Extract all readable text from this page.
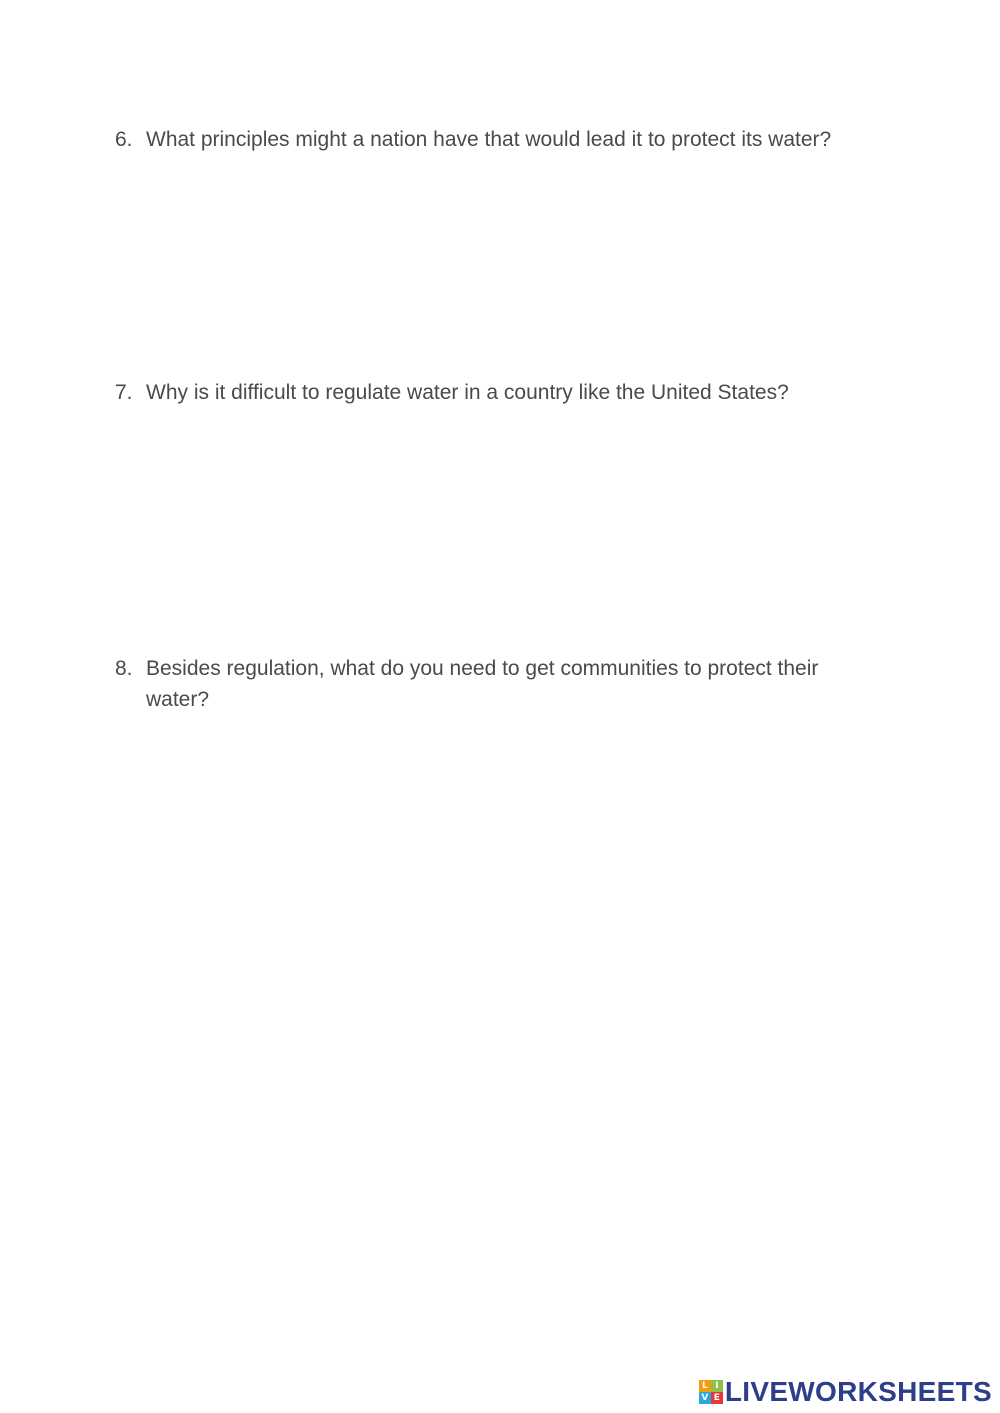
6. What principles might a nation have that would lead it to protect its water?
7. Why is it difficult to regulate water in a country like the United States?
8. Besides regulation, what do you need to get communities to protect their water?
L I
V E LIVEWORKSHEETS
